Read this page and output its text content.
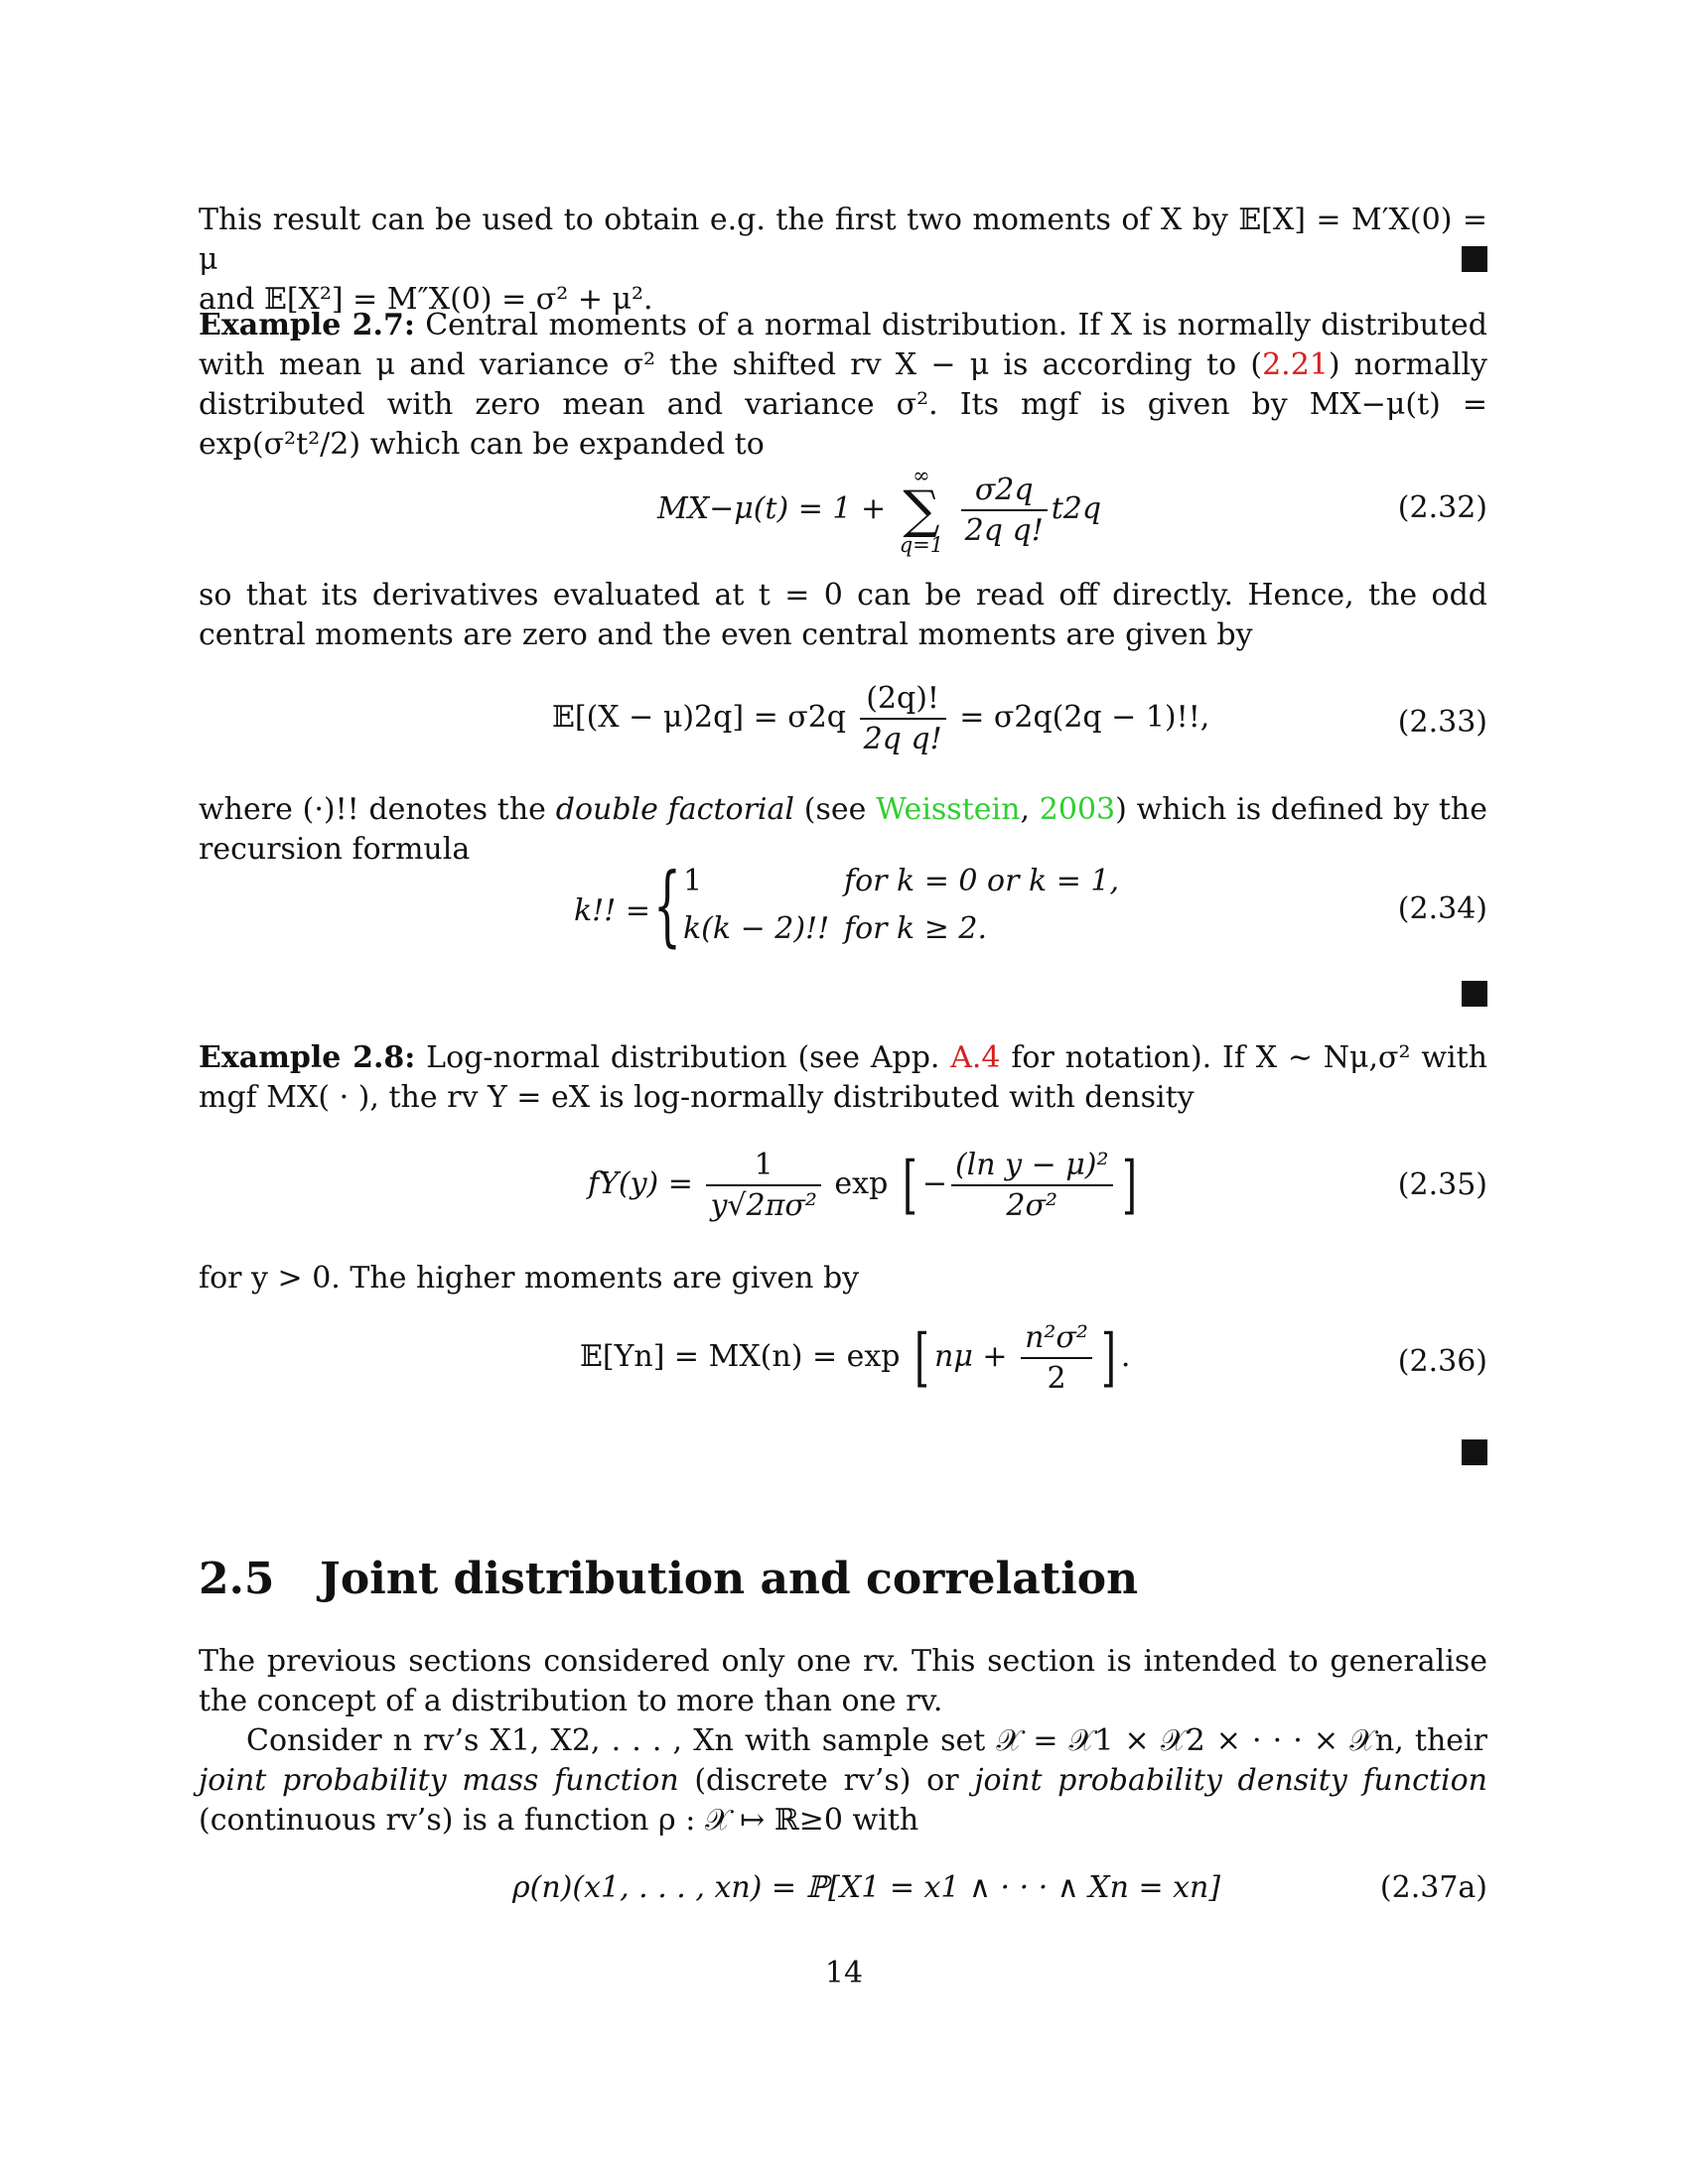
This result can be used to obtain e.g. the first two moments of X by 𝔼[X] = M′X(0) = μ
and 𝔼[X²] = M″X(0) = σ² + μ².
Example 2.7: Central moments of a normal distribution. If X is normally distributed with mean μ and variance σ² the shifted rv X − μ is according to (2.21) normally distributed with zero mean and variance σ². Its mgf is given by MX−μ(t) = exp(σ²t²/2) which can be expanded to
MX−μ(t) = 1 +
∞
∑
q=1
$\frac{\sigma 2q}{\text{2q q!}} t2q$	(2.32)
so that its derivatives evaluated at t = 0 can be read off directly. Hence, the odd central moments are zero and the even central moments are given by
𝔼[(X − $\mu)2q] = \sigma 2q \frac{(2q)!}{\text{2q q!}} = \sigma 2q(2q - 1)$!!,	(2.33)
where (·)!! denotes the double factorial (see Weisstein, 2003) which is defined by the recursion formula
k!! = { 1	for k = 0 or k = 1,
k(k − 2)!! for k ≥ 2.
(2.34)
Example 2.8: Log-normal distribution (see App. A.4 for notation). If X ∼ Nμ,σ² with mgf MX( · ), the rv Y = eX is log-normally distributed with density
$fY(y) = \frac{1}{\text{y√2πσ²}}$ exp [ − $\frac{\text{(ln y − μ)²}}{\text{2σ²}}$ ]	(2.35)
for y > 0. The higher moments are given by
𝔼[Yn] = MX(n) = exp [ $n\mu + \frac{\text{n²σ²}}{2}$ ] .	(2.36)
2.5 Joint distribution and correlation
The previous sections considered only one rv. This section is intended to generalise the concept of a distribution to more than one rv.
Consider n rv’s X1, X2, . . . , Xn with sample set 𝒳 = 𝒳1 × 𝒳2 × · · · × 𝒳n, their joint probability mass function (discrete rv’s) or joint probability density function (continuous rv’s) is a function ρ : 𝒳 ↦ ℝ≥0 with
ρ(n)(x1, . . . , xn) = ℙ[X1 = x1 ∧ · · · ∧ Xn = xn]	(2.37a)
14
